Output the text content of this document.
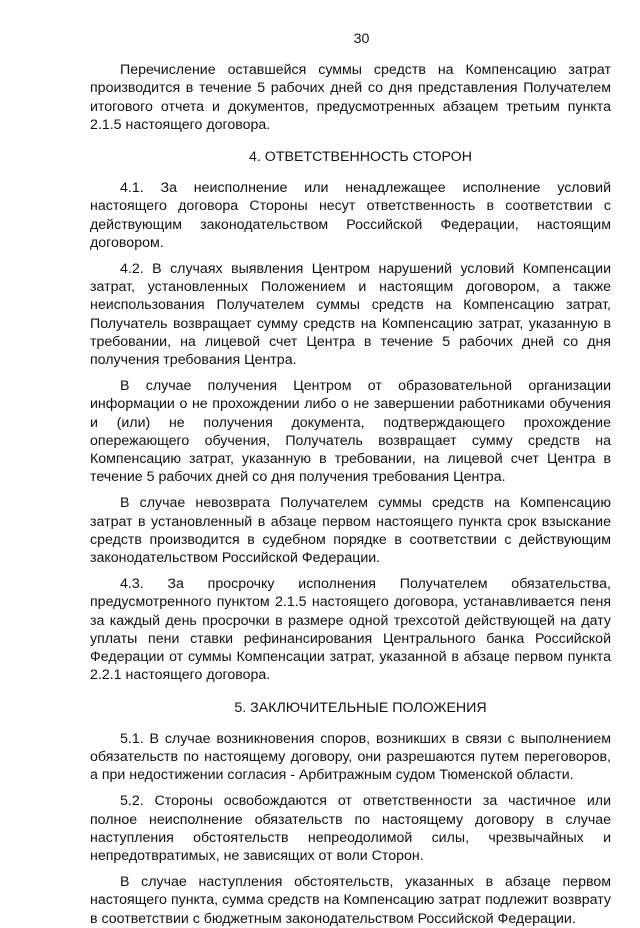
30

Перечисление оставшейся суммы средств на Компенсацию затрат производится в течение 5 рабочих дней со дня представления Получателем итогового отчета и документов, предусмотренных абзацем третьим пункта 2.1.5 настоящего договора.

4. ОТВЕТСТВЕННОСТЬ СТОРОН

4.1. За неисполнение или ненадлежащее исполнение условий настоящего договора Стороны несут ответственность в соответствии с действующим законодательством Российской Федерации, настоящим договором.

4.2. В случаях выявления Центром нарушений условий Компенсации затрат, установленных Положением и настоящим договором, а также неиспользования Получателем суммы средств на Компенсацию затрат, Получатель возвращает сумму средств на Компенсацию затрат, указанную в требовании, на лицевой счет Центра в течение 5 рабочих дней со дня получения требования Центра.

В случае получения Центром от образовательной организации информации о не прохождении либо о не завершении работниками обучения и (или) не получения документа, подтверждающего прохождение опережающего обучения, Получатель возвращает сумму средств на Компенсацию затрат, указанную в требовании, на лицевой счет Центра в течение 5 рабочих дней со дня получения требования Центра.

В случае невозврата Получателем суммы средств на Компенсацию затрат в установленный в абзаце первом настоящего пункта срок взыскание средств производится в судебном порядке в соответствии с действующим законодательством Российской Федерации.

4.3. За просрочку исполнения Получателем обязательства, предусмотренного пунктом 2.1.5 настоящего договора, устанавливается пеня за каждый день просрочки в размере одной трехсотой действующей на дату уплаты пени ставки рефинансирования Центрального банка Российской Федерации от суммы Компенсации затрат, указанной в абзаце первом пункта 2.2.1 настоящего договора.

5. ЗАКЛЮЧИТЕЛЬНЫЕ ПОЛОЖЕНИЯ

5.1. В случае возникновения споров, возникших в связи с выполнением обязательств по настоящему договору, они разрешаются путем переговоров, а при недостижении согласия - Арбитражным судом Тюменской области.

5.2. Стороны освобождаются от ответственности за частичное или полное неисполнение обязательств по настоящему договору в случае наступления обстоятельств непреодолимой силы, чрезвычайных и непредотвратимых, не зависящих от воли Сторон.

В случае наступления обстоятельств, указанных в абзаце первом настоящего пункта, сумма средств на Компенсацию затрат подлежит возврату в соответствии с бюджетным законодательством Российской Федерации.
